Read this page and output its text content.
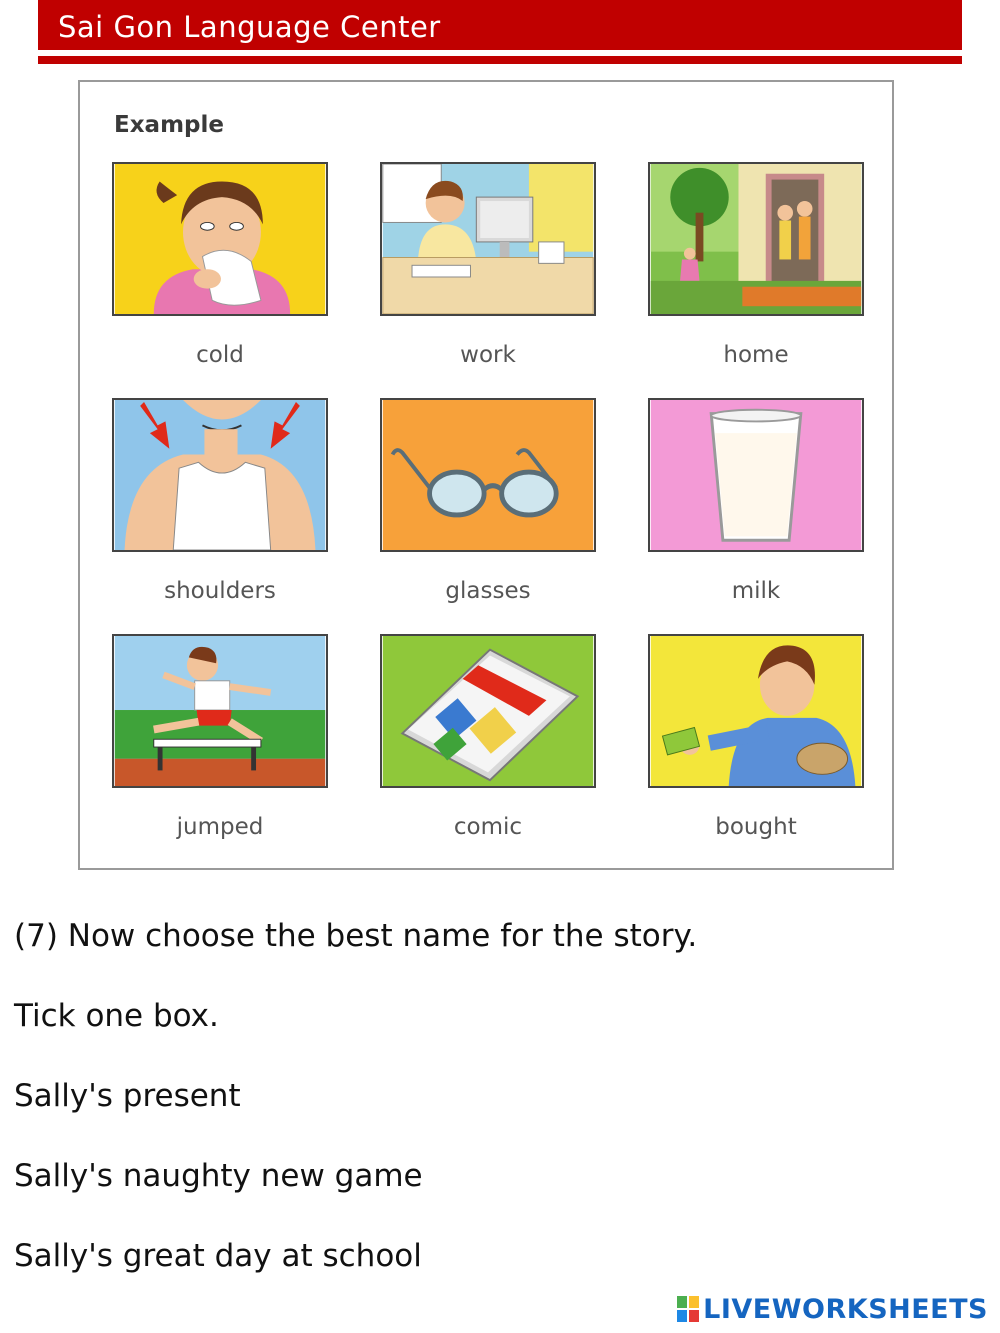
Sai Gon Language Center
Example
cold	work	home
shoulders	glasses	milk
jumped	comic	bought
(7) Now choose the best name for the story.
Tick one box.
Sally's present
Sally's naughty new game
Sally's great day at school
LIVEWORKSHEETS
